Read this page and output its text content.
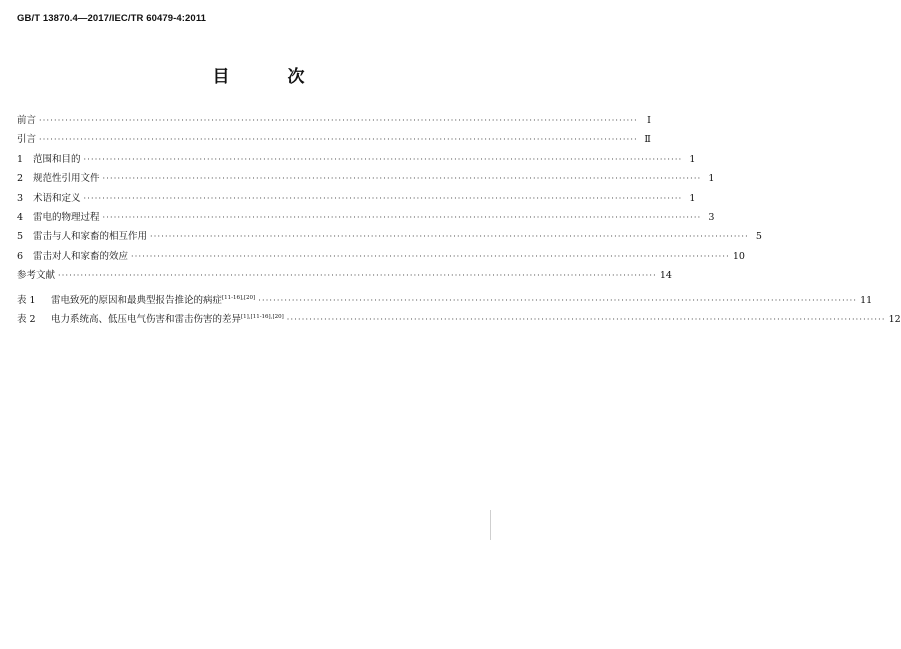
GB/T 13870.4—2017/IEC/TR 60479-4:2011
目 次
前言 ································································································································································ Ⅰ
引言 ································································································································································ Ⅱ
1	范围和目的 ································································································································································ 1
2	规范性引用文件 ································································································································································ 1
3	术语和定义 ································································································································································ 1
4	雷电的物理过程 ································································································································································ 3
5	雷击与人和家畜的相互作用 ································································································································································ 5
6	雷击对人和家畜的效应 ································································································································································ 10
参考文献 ································································································································································ 14
表 1	雷电致死的原因和最典型报告推论的病症[11-16],[20] ································································································································································ 11
表 2	电力系统高、低压电气伤害和雷击伤害的差异[1],[11-16],[20] ································································································································································ 12
